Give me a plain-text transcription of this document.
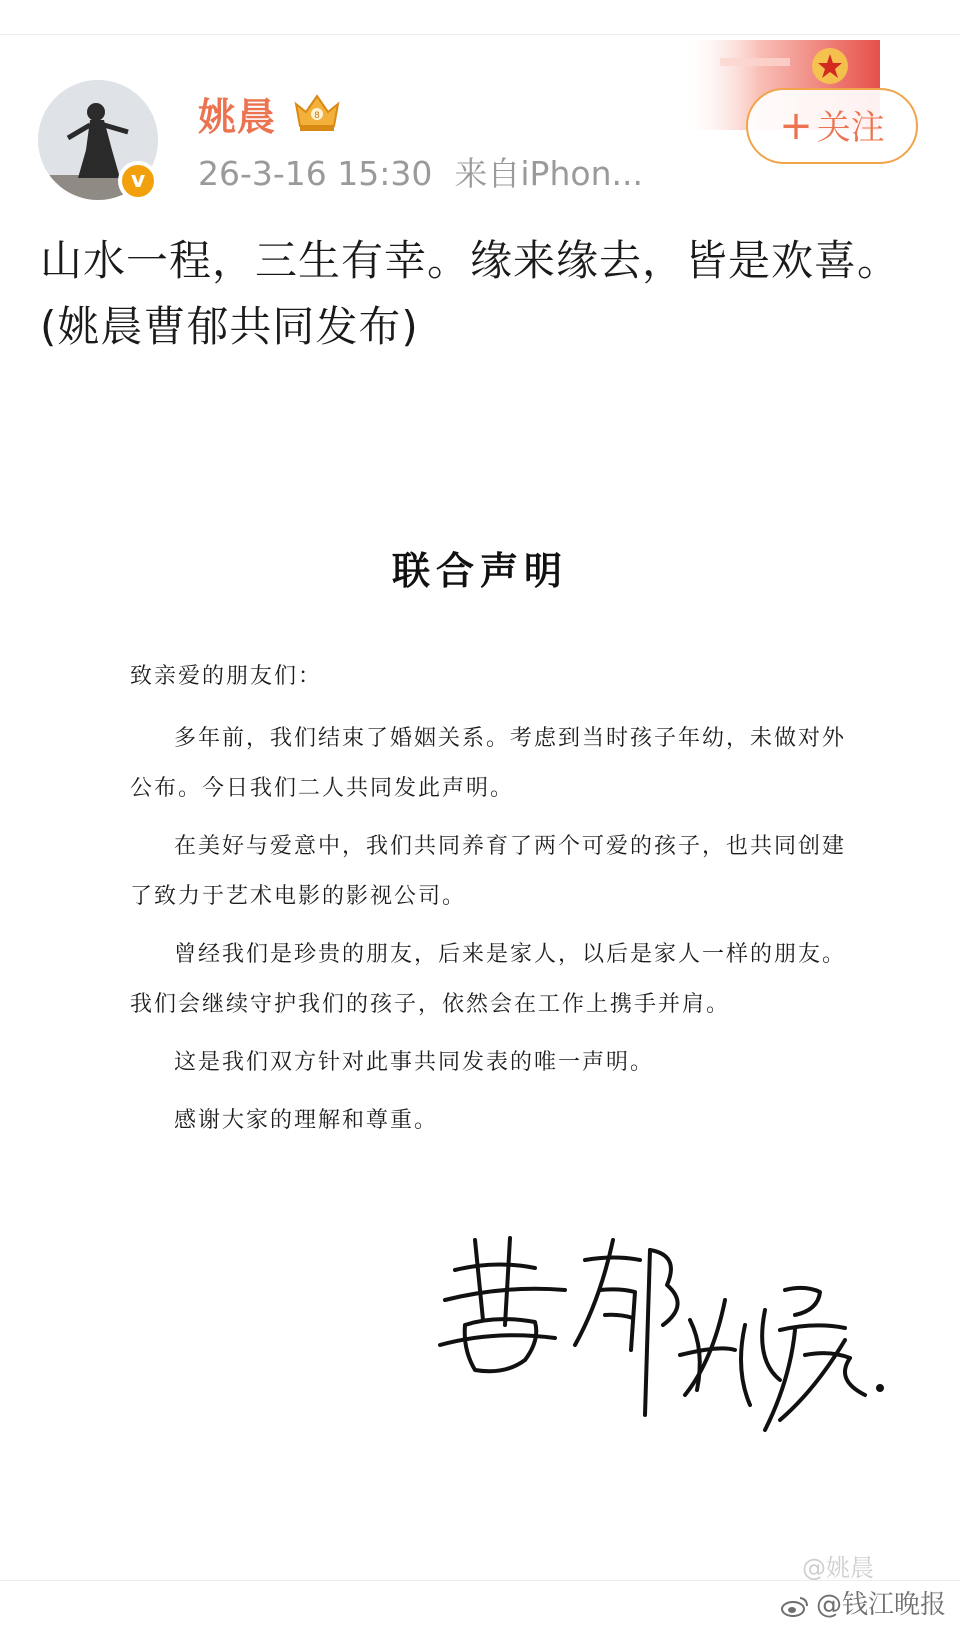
v
姚晨	8
26-3-16 15:30 来自iPhon...
+ 关注
山水一程，三生有幸。缘来缘去，皆是欢喜。(姚晨曹郁共同发布)
联合声明

致亲爱的朋友们：

多年前，我们结束了婚姻关系。考虑到当时孩子年幼，未做对外公布。今日我们二人共同发此声明。

在美好与爱意中，我们共同养育了两个可爱的孩子，也共同创建了致力于艺术电影的影视公司。

曾经我们是珍贵的朋友，后来是家人，以后是家人一样的朋友。我们会继续守护我们的孩子，依然会在工作上携手并肩。

这是我们双方针对此事共同发表的唯一声明。

感谢大家的理解和尊重。

@姚晨
@钱江晚报
